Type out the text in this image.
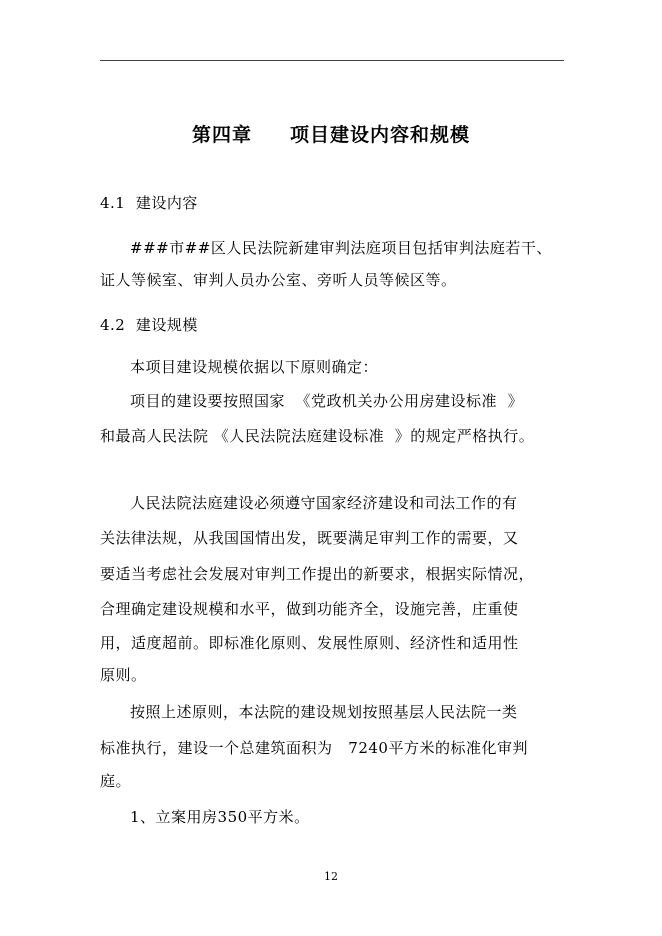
第四章 项目建设内容和规模
4.1  建设内容
###市##区人民法院新建审判法庭项目包括审判法庭若干、
证人等候室、审判人员办公室、旁听人员等候区等。
4.2  建设规模
本项目建设规模依据以下原则确定：
项目的建设要按照国家  《党政机关办公用房建设标准  》
和最高人民法院 《人民法院法庭建设标准  》的规定严格执行。
人民法院法庭建设必须遵守国家经济建设和司法工作的有
关法律法规，从我国国情出发，既要满足审判工作的需要，又
要适当考虑社会发展对审判工作提出的新要求，根据实际情况，
合理确定建设规模和水平，做到功能齐全，设施完善，庄重使
用，适度超前。即标准化原则、发展性原则、经济性和适用性
原则。
按照上述原则，本法院的建设规划按照基层人民法院一类
标准执行，建设一个总建筑面积为   7240平方米的标准化审判
庭。
1、立案用房350平方米。
12
